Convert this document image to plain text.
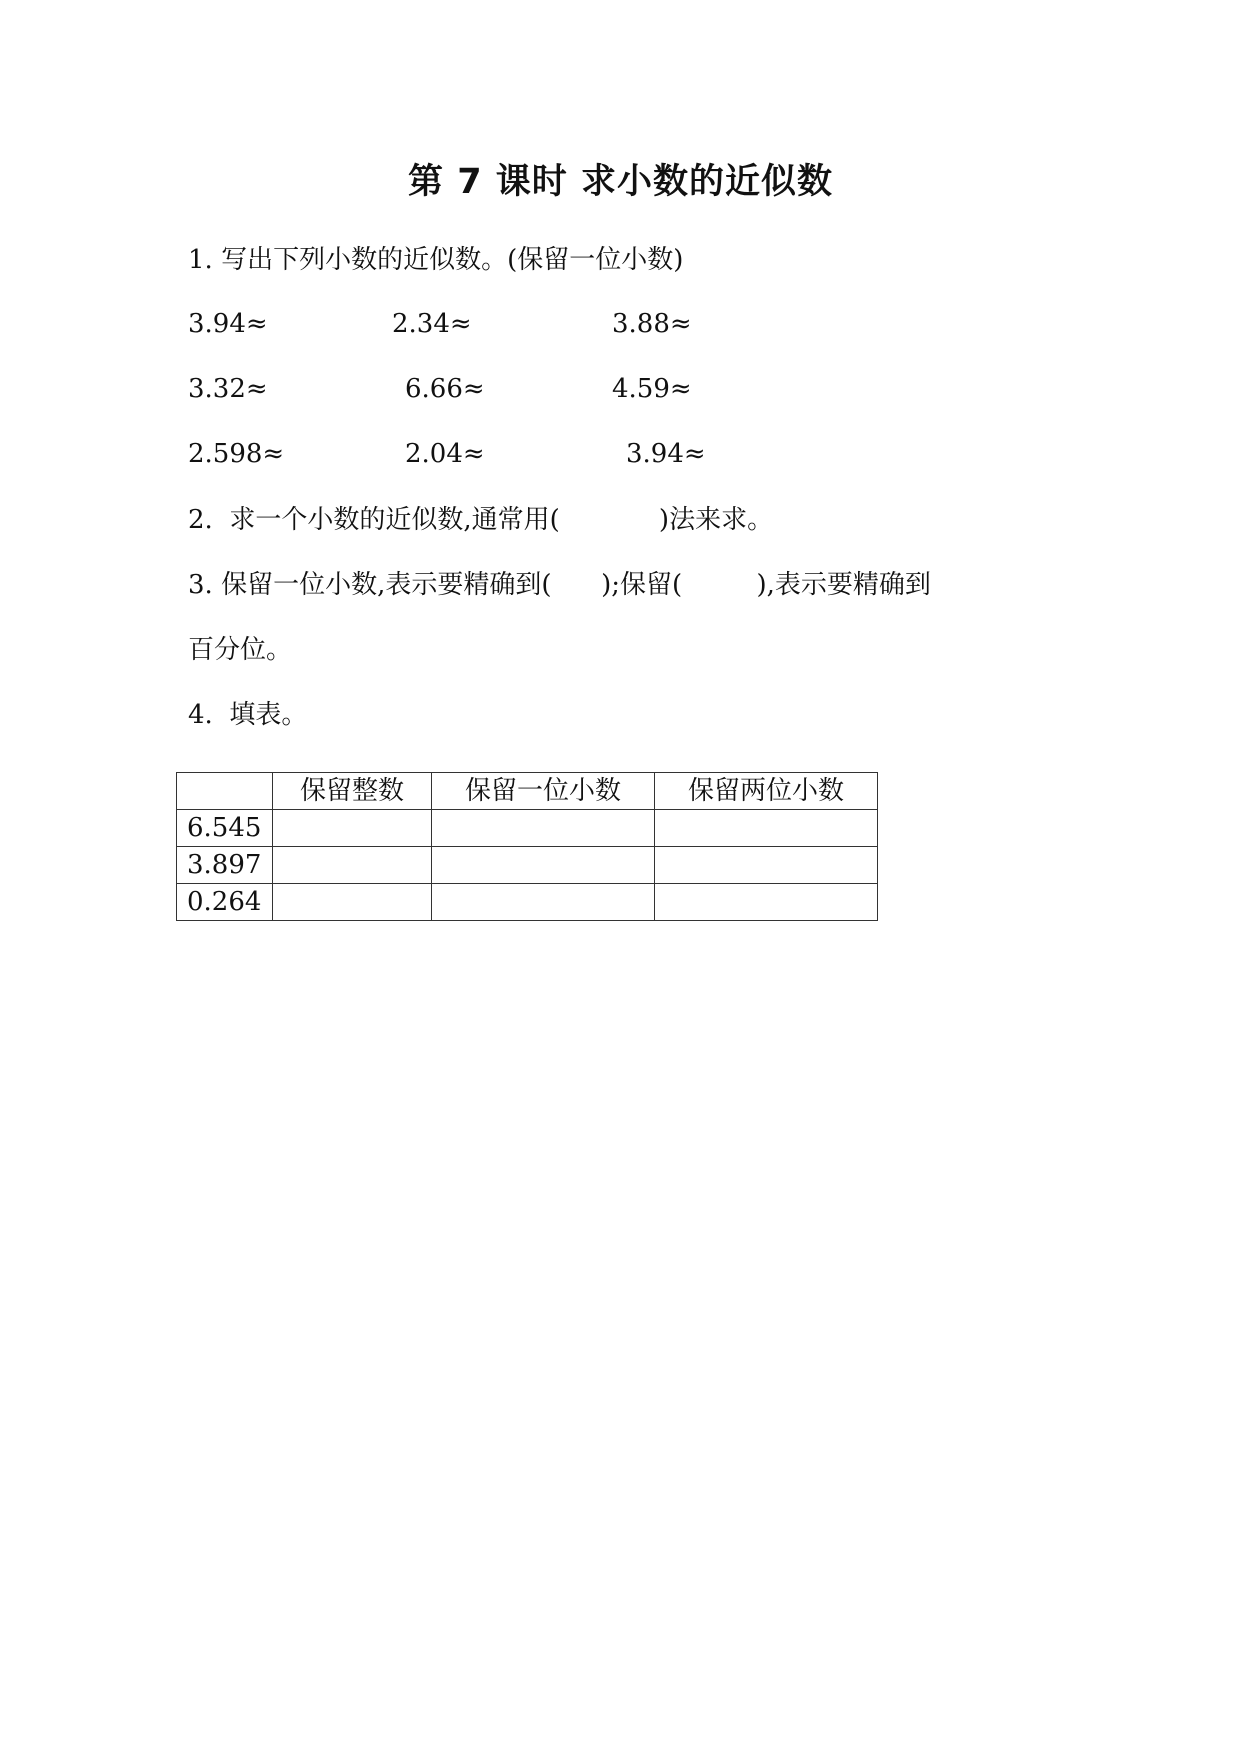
第 7 课时 求小数的近似数
1. 写出下列小数的近似数。(保留一位小数)
3.94≈	2.34≈	3.88≈
3.32≈	6.66≈	4.59≈
2.598≈	2.04≈	3.94≈
2.  求一个小数的近似数,通常用(            )法来求。
3. 保留一位小数,表示要精确到(      );保留(         ),表示要精确到
百分位。
4.  填表。
	保留整数	保留一位小数	保留两位小数
6.545			
3.897			
0.264			
